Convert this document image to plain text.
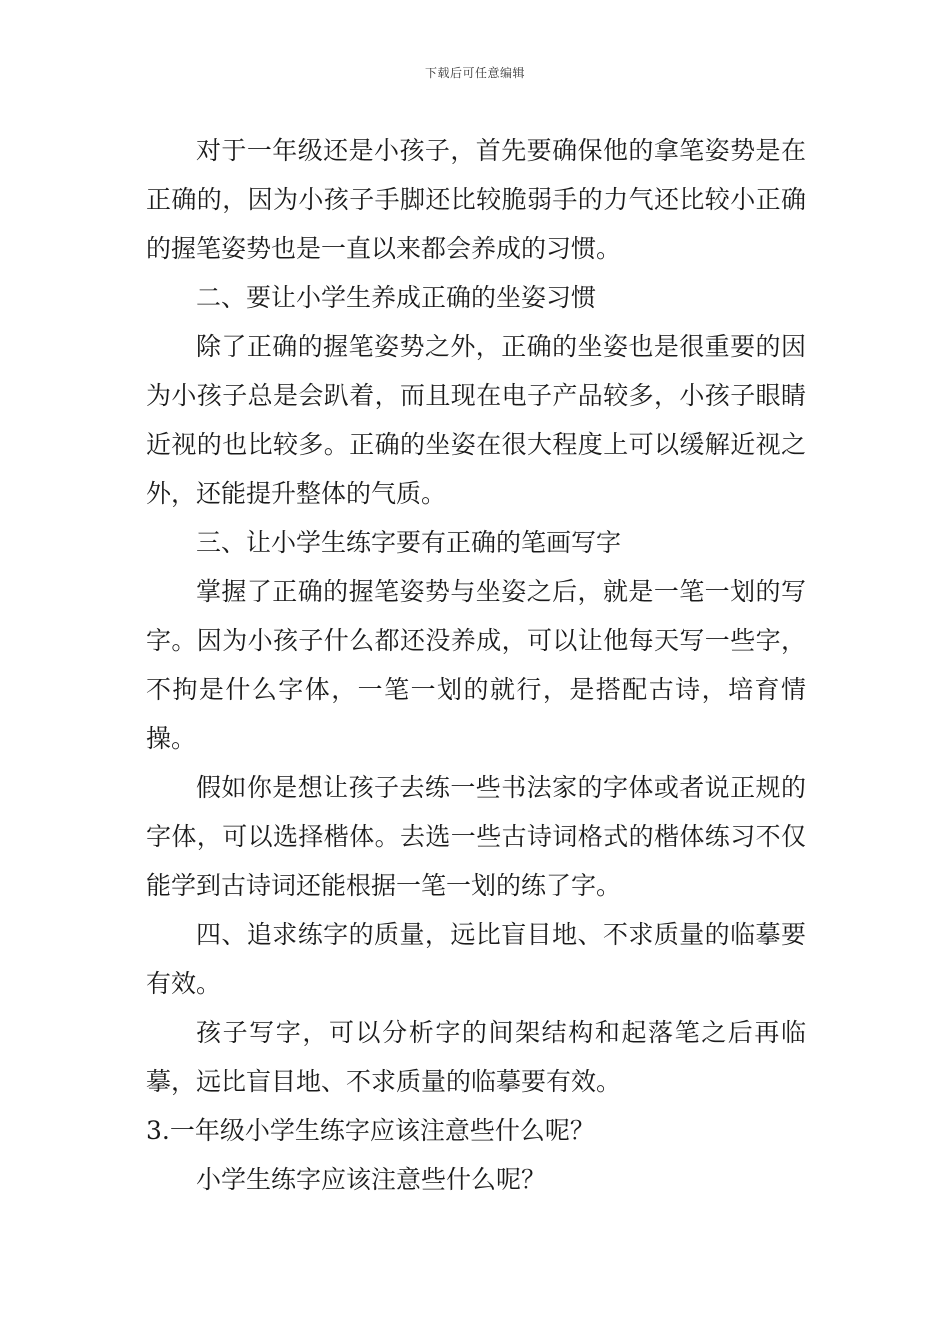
下载后可任意编辑

对于一年级还是小孩子，首先要确保他的拿笔姿势是在正确的，因为小孩子手脚还比较脆弱手的力气还比较小正确的握笔姿势也是一直以来都会养成的习惯。

二、要让小学生养成正确的坐姿习惯

除了正确的握笔姿势之外，正确的坐姿也是很重要的因为小孩子总是会趴着，而且现在电子产品较多，小孩子眼睛近视的也比较多。正确的坐姿在很大程度上可以缓解近视之外，还能提升整体的气质。

三、让小学生练字要有正确的笔画写字

掌握了正确的握笔姿势与坐姿之后，就是一笔一划的写字。因为小孩子什么都还没养成，可以让他每天写一些字，不拘是什么字体，一笔一划的就行，是搭配古诗，培育情操。

假如你是想让孩子去练一些书法家的字体或者说正规的字体，可以选择楷体。去选一些古诗词格式的楷体练习不仅能学到古诗词还能根据一笔一划的练了字。

四、追求练字的质量，远比盲目地、不求质量的临摹要有效。

孩子写字，可以分析字的间架结构和起落笔之后再临摹，远比盲目地、不求质量的临摹要有效。

3.一年级小学生练字应该注意些什么呢？

小学生练字应该注意些什么呢？
